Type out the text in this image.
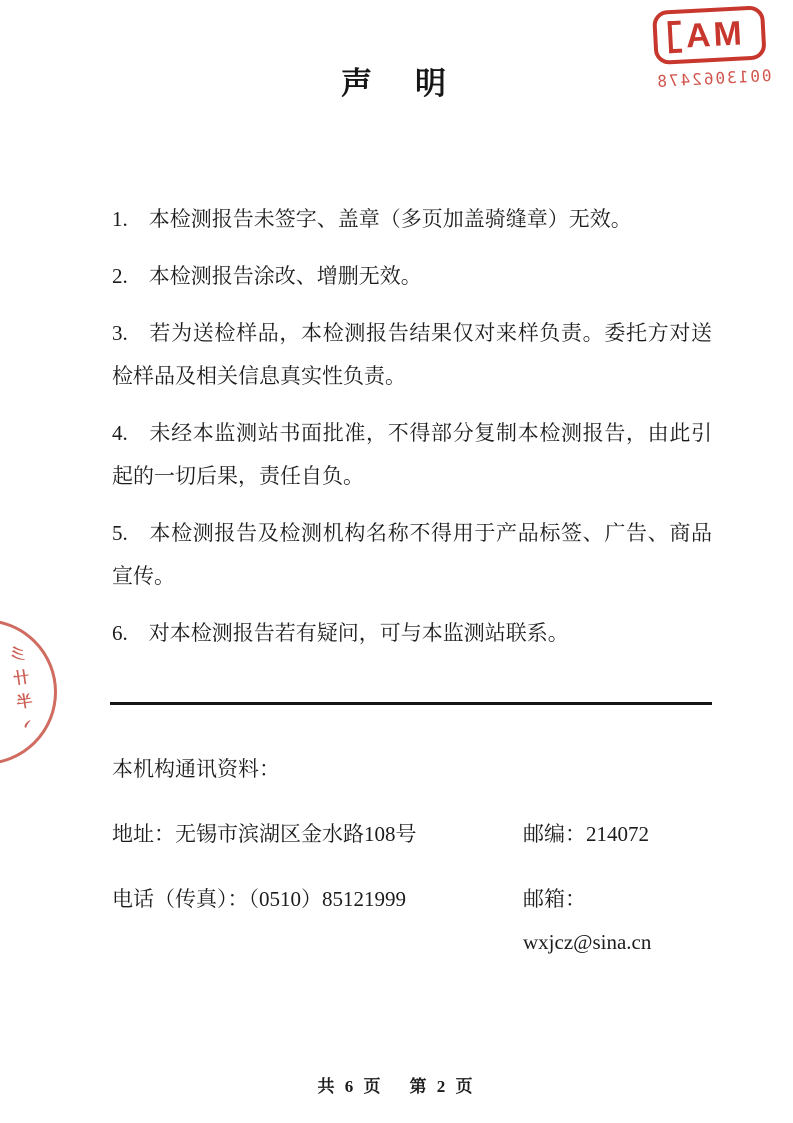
AM
0013062478
彡卄半丶
声　明

1. 本检测报告未签字、盖章（多页加盖骑缝章）无效。

2. 本检测报告涂改、增删无效。

3. 若为送检样品，本检测报告结果仅对来样负责。委托方对送检样品及相关信息真实性负责。

4. 未经本监测站书面批准，不得部分复制本检测报告，由此引起的一切后果，责任自负。

5. 本检测报告及检测机构名称不得用于产品标签、广告、商品宣传。

6. 对本检测报告若有疑问，可与本监测站联系。

本机构通讯资料：

地址：无锡市滨湖区金水路108号	邮编：214072
电话（传真）：（0510）85121999	邮箱：wxjcz@sina.cn
共 6 页 第 2 页
